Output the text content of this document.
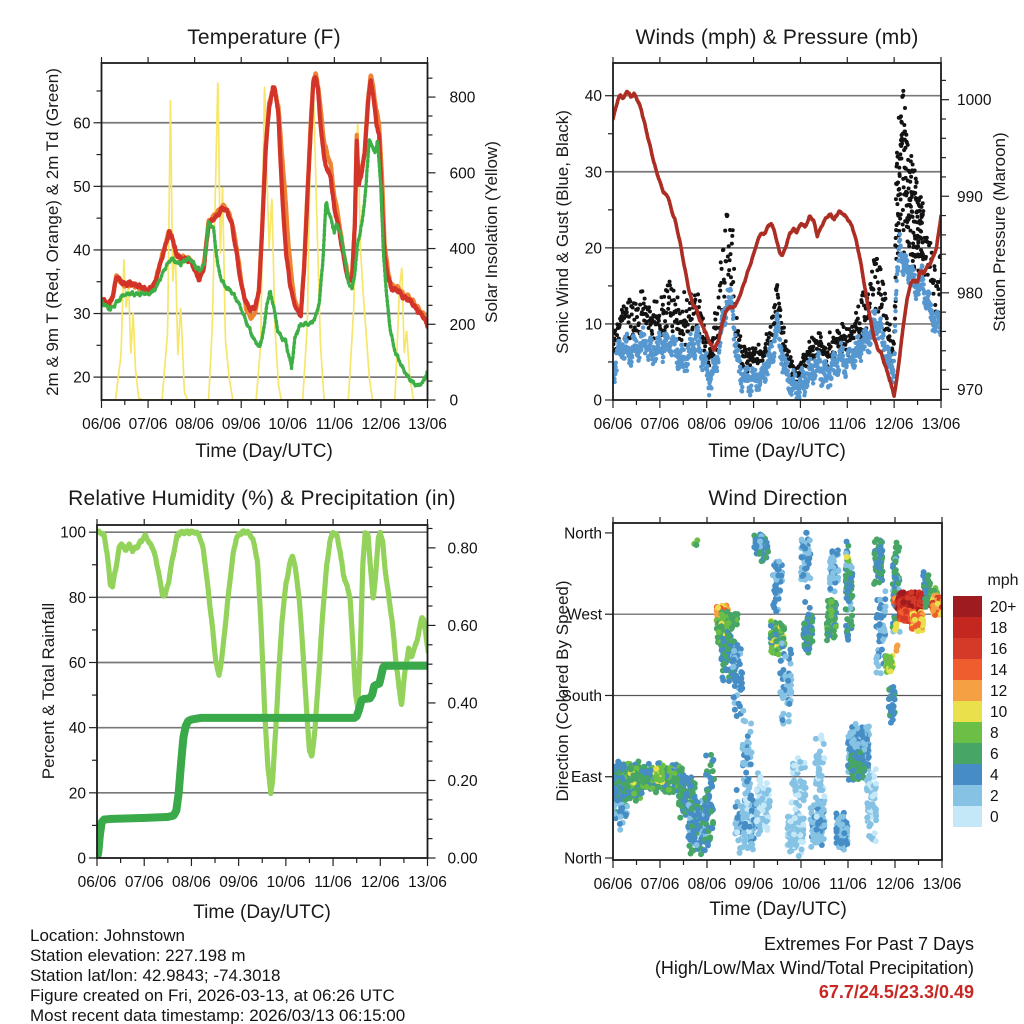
Temperature (F)	Winds (mph) & Pressure (mb)
Relative Humidity (%) & Precipitation (in)	Wind Direction
2m & 9m T (Red, Orange) & 2m Td (Green)	Solar Insolation (Yellow)	Sonic Wind & Gust (Blue, Black)	Station Pressure (Maroon)
Percent & Total Rainfall	Direction (Colored By Speed)
Time (Day/UTC)	Time (Day/UTC)
Time (Day/UTC)	Time (Day/UTC)
mph
Location: Johnstown
Station elevation: 227.198 m
Station lat/lon: 42.9843; -74.3018
Figure created on Fri, 2026-03-13, at 06:26 UTC
Most recent data timestamp: 2026/03/13 06:15:00
Extremes For Past 7 Days
(High/Low/Max Wind/Total Precipitation)
67.7/24.5/23.3/0.49
